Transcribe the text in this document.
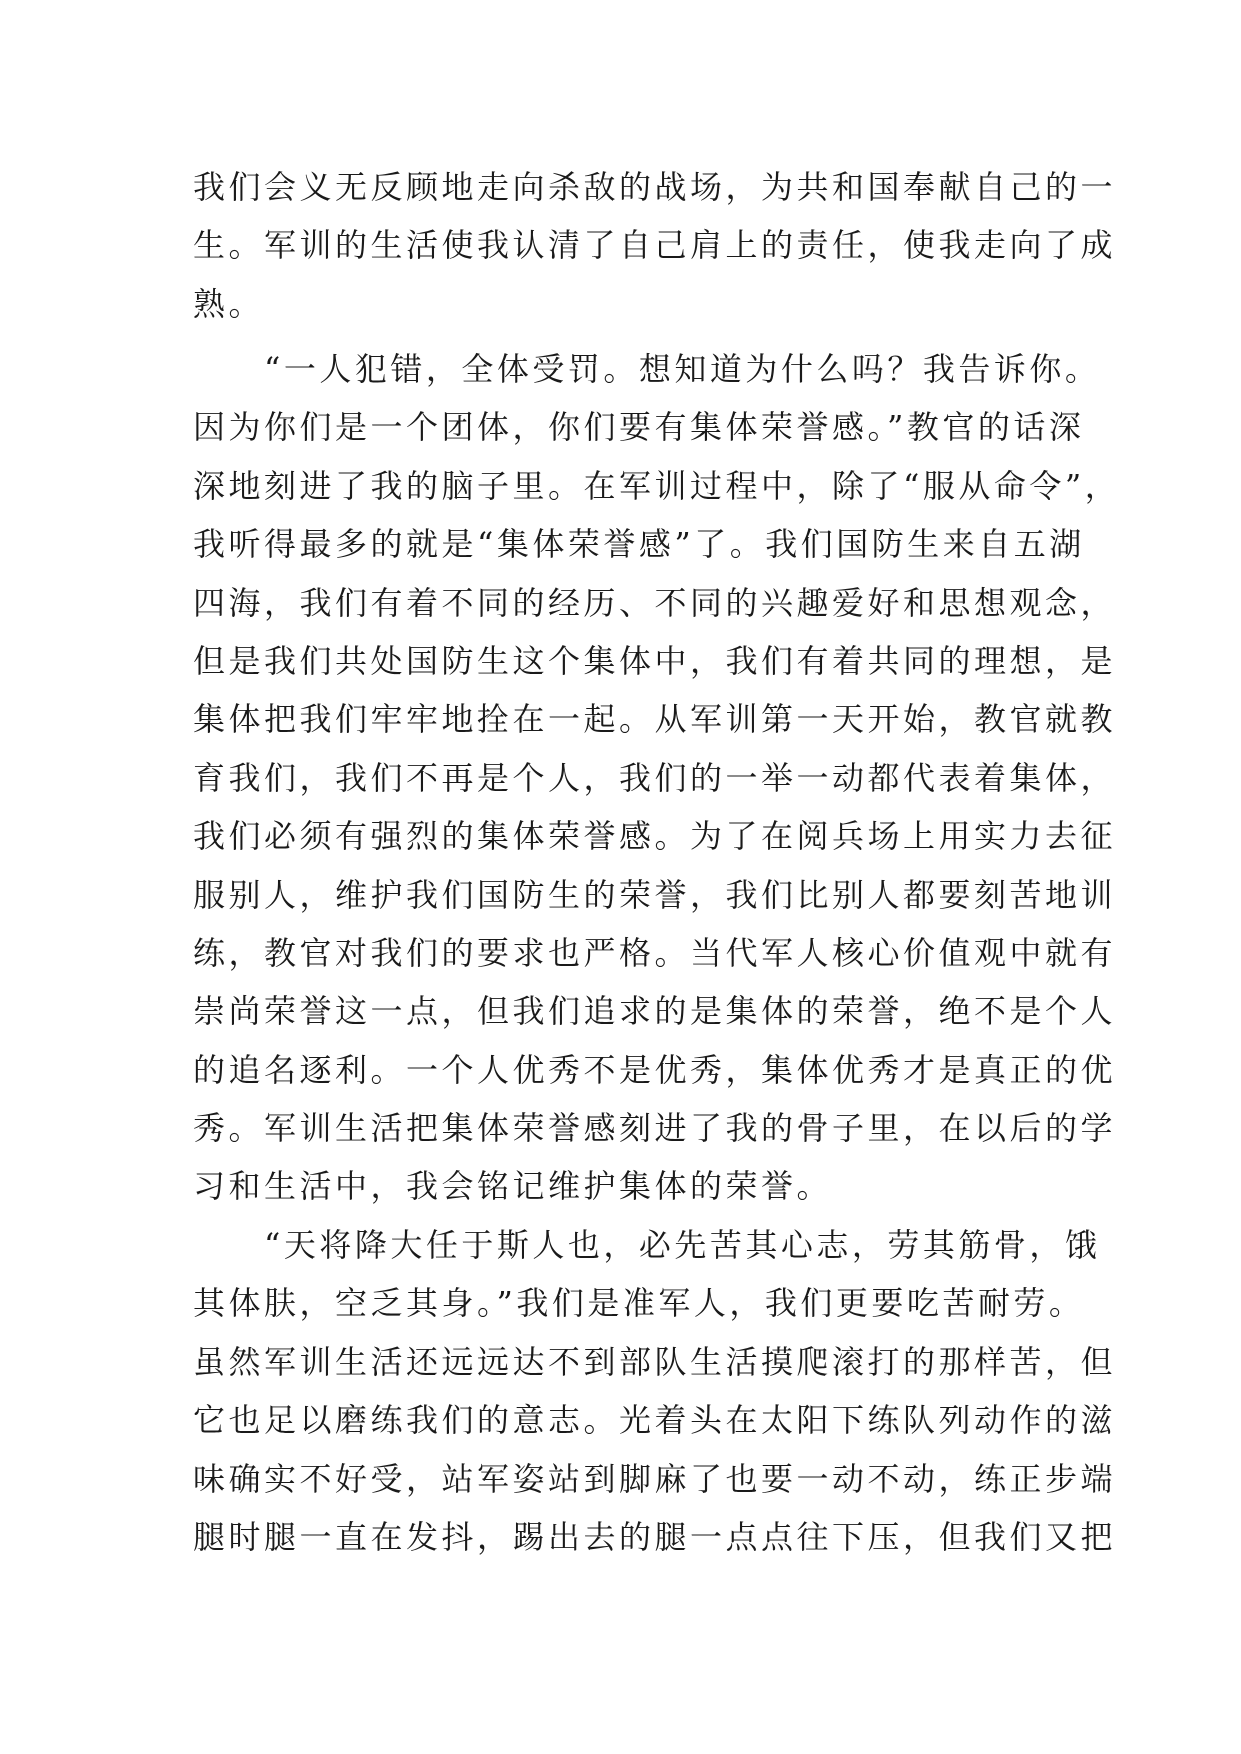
我们会义无反顾地走向杀敌的战场，为共和国奉献自己的一
生。军训的生活使我认清了自己肩上的责任，使我走向了成
熟。
　　“一人犯错，全体受罚。想知道为什么吗？我告诉你。
因为你们是一个团体，你们要有集体荣誉感。”教官的话深
深地刻进了我的脑子里。在军训过程中，除了“服从命令”，
我听得最多的就是“集体荣誉感”了。我们国防生来自五湖
四海，我们有着不同的经历、不同的兴趣爱好和思想观念，
但是我们共处国防生这个集体中，我们有着共同的理想，是
集体把我们牢牢地拴在一起。从军训第一天开始，教官就教
育我们，我们不再是个人，我们的一举一动都代表着集体，
我们必须有强烈的集体荣誉感。为了在阅兵场上用实力去征
服别人，维护我们国防生的荣誉，我们比别人都要刻苦地训
练，教官对我们的要求也严格。当代军人核心价值观中就有
崇尚荣誉这一点，但我们追求的是集体的荣誉，绝不是个人
的追名逐利。一个人优秀不是优秀，集体优秀才是真正的优
秀。军训生活把集体荣誉感刻进了我的骨子里，在以后的学
习和生活中，我会铭记维护集体的荣誉。
　　“天将降大任于斯人也，必先苦其心志，劳其筋骨，饿
其体肤，空乏其身。”我们是准军人，我们更要吃苦耐劳。
虽然军训生活还远远达不到部队生活摸爬滚打的那样苦，但
它也足以磨练我们的意志。光着头在太阳下练队列动作的滋
味确实不好受，站军姿站到脚麻了也要一动不动，练正步端
腿时腿一直在发抖，踢出去的腿一点点往下压，但我们又把
